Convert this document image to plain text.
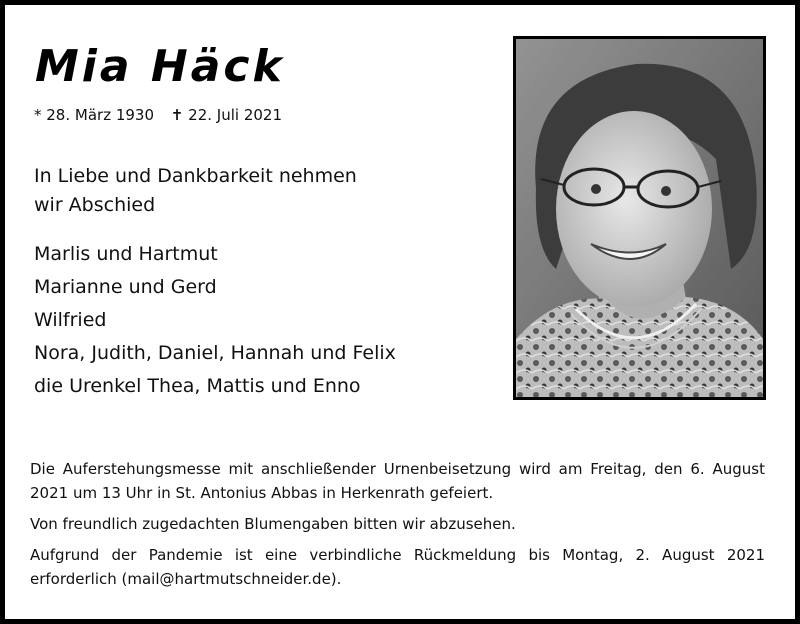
Mia Häck
* 28. März 1930 ✝ 22. Juli 2021
In Liebe und Dankbarkeit nehmen
wir Abschied
Marlis und Hartmut
Marianne und Gerd
Wilfried
Nora, Judith, Daniel, Hannah und Felix
die Urenkel Thea, Mattis und Enno

Die Auferstehungsmesse mit anschließender Urnenbeisetzung wird am Freitag, den 6. August 2021 um 13 Uhr in St. Antonius Abbas in Herkenrath gefeiert.

Von freundlich zugedachten Blumengaben bitten wir abzusehen.

Aufgrund der Pandemie ist eine verbindliche Rückmeldung bis Montag, 2. August 2021 erforderlich (mail@hartmutschneider.de).
